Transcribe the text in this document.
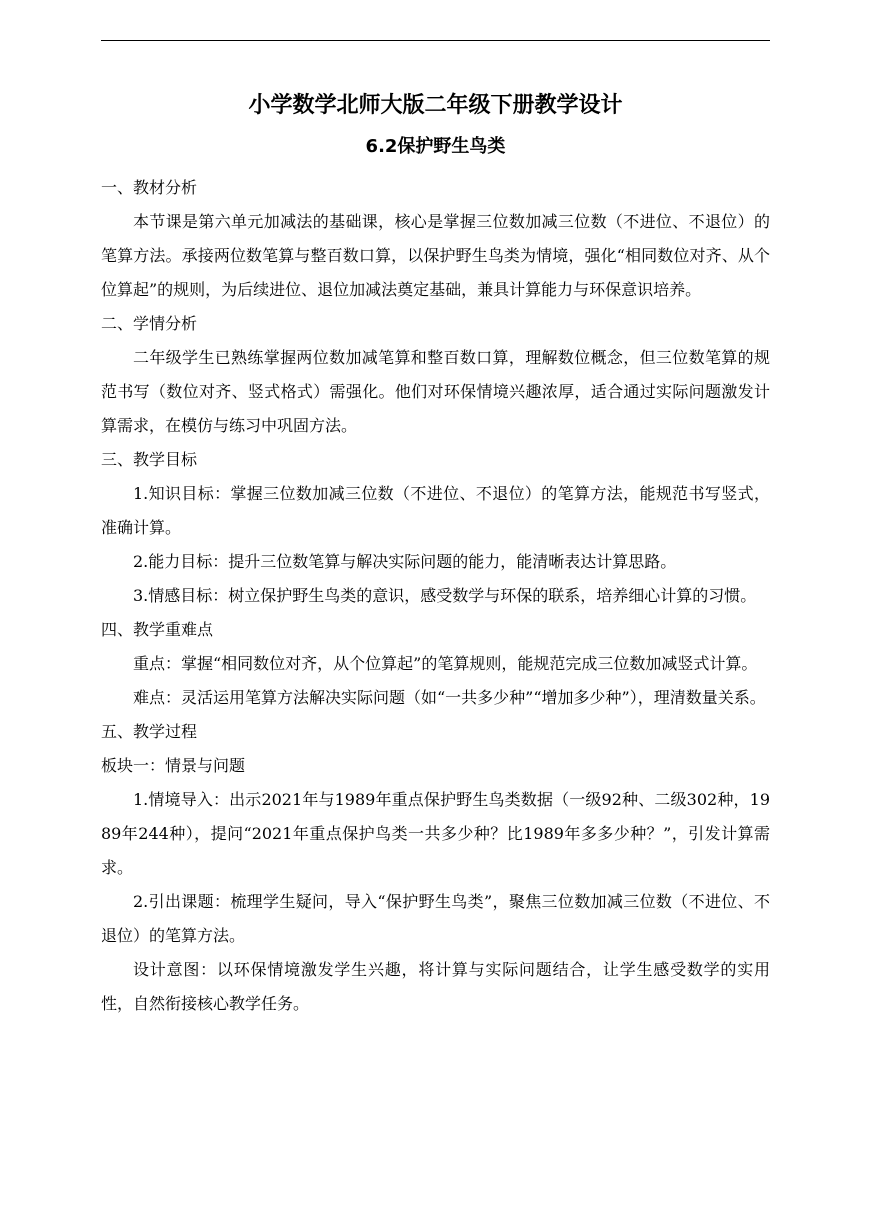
小学数学北师大版二年级下册教学设计
6.2保护野生鸟类
一、教材分析
本节课是第六单元加减法的基础课，核心是掌握三位数加减三位数（不进位、不退位）的笔算方法。承接两位数笔算与整百数口算，以保护野生鸟类为情境，强化“相同数位对齐、从个位算起”的规则，为后续进位、退位加减法奠定基础，兼具计算能力与环保意识培养。
二、学情分析
二年级学生已熟练掌握两位数加减笔算和整百数口算，理解数位概念，但三位数笔算的规范书写（数位对齐、竖式格式）需强化。他们对环保情境兴趣浓厚，适合通过实际问题激发计算需求，在模仿与练习中巩固方法。
三、教学目标
1.知识目标：掌握三位数加减三位数（不进位、不退位）的笔算方法，能规范书写竖式，准确计算。
2.能力目标：提升三位数笔算与解决实际问题的能力，能清晰表达计算思路。
3.情感目标：树立保护野生鸟类的意识，感受数学与环保的联系，培养细心计算的习惯。
四、教学重难点
重点：掌握“相同数位对齐，从个位算起”的笔算规则，能规范完成三位数加减竖式计算。
难点：灵活运用笔算方法解决实际问题（如“一共多少种”“增加多少种”），理清数量关系。
五、教学过程
板块一：情景与问题
1.情境导入：出示2021年与1989年重点保护野生鸟类数据（一级92种、二级302种，1989年244种），提问“2021年重点保护鸟类一共多少种？比1989年多多少种？”，引发计算需求。
2.引出课题：梳理学生疑问，导入“保护野生鸟类”，聚焦三位数加减三位数（不进位、不退位）的笔算方法。
设计意图：以环保情境激发学生兴趣，将计算与实际问题结合，让学生感受数学的实用性，自然衔接核心教学任务。
